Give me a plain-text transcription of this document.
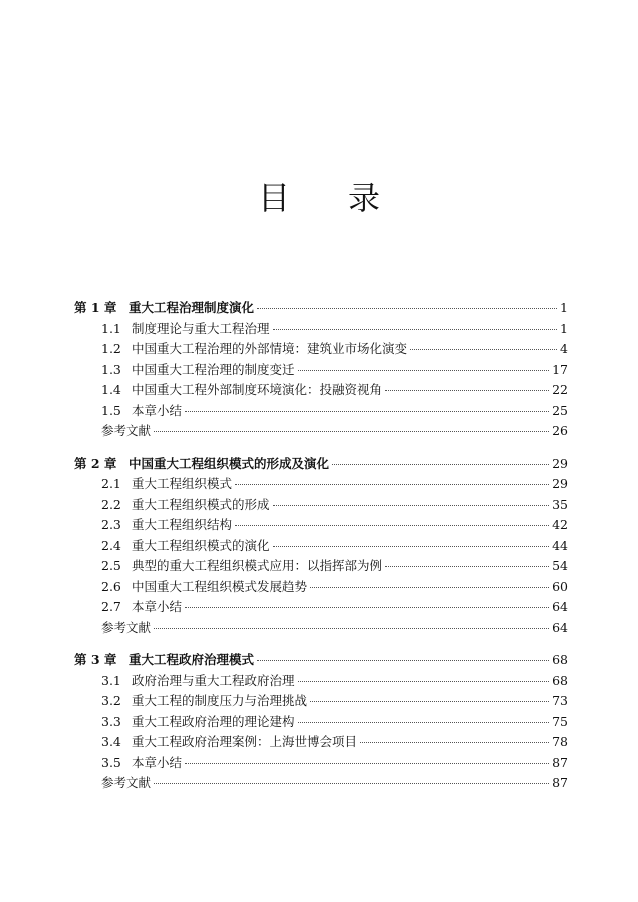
目 录
第 1 章 重大工程治理制度演化	1
1.1 制度理论与重大工程治理	1
1.2 中国重大工程治理的外部情境：建筑业市场化演变	4
1.3 中国重大工程治理的制度变迁	17
1.4 中国重大工程外部制度环境演化：投融资视角	22
1.5 本章小结	25
参考文献	26
第 2 章 中国重大工程组织模式的形成及演化	29
2.1 重大工程组织模式	29
2.2 重大工程组织模式的形成	35
2.3 重大工程组织结构	42
2.4 重大工程组织模式的演化	44
2.5 典型的重大工程组织模式应用：以指挥部为例	54
2.6 中国重大工程组织模式发展趋势	60
2.7 本章小结	64
参考文献	64
第 3 章 重大工程政府治理模式	68
3.1 政府治理与重大工程政府治理	68
3.2 重大工程的制度压力与治理挑战	73
3.3 重大工程政府治理的理论建构	75
3.4 重大工程政府治理案例：上海世博会项目	78
3.5 本章小结	87
参考文献	87
